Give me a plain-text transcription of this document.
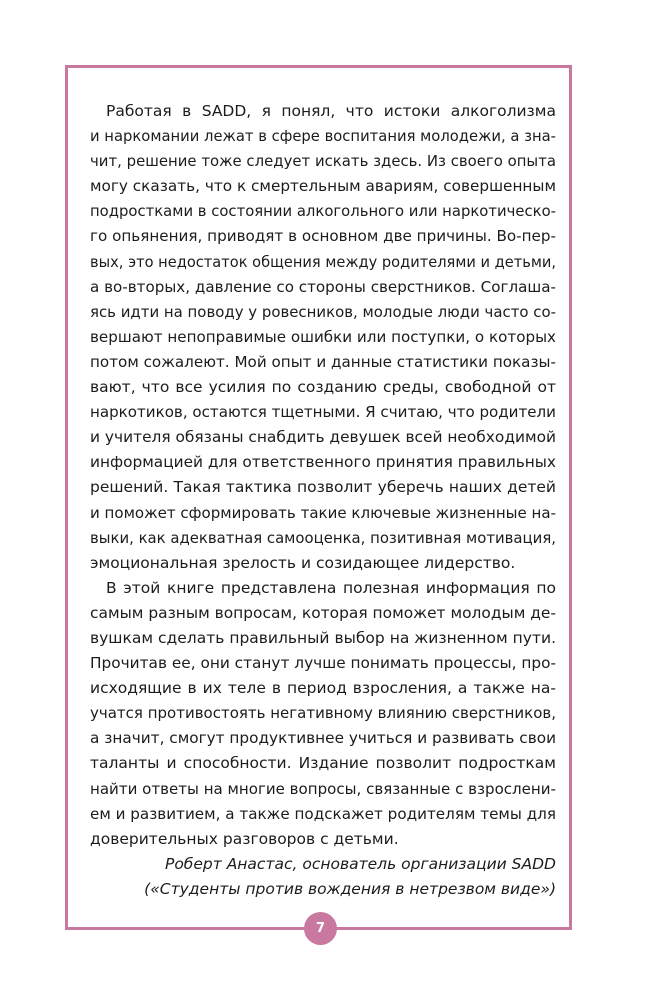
Работая в SADD, я понял, что истоки алкоголизма
и наркомании лежат в сфере воспитания молодежи, а зна-
чит, решение тоже следует искать здесь. Из своего опыта
могу сказать, что к смертельным авариям, совершенным
подростками в состоянии алкогольного или наркотическо-
го опьянения, приводят в основном две причины. Во-пер-
вых, это недостаток общения между родителями и детьми,
а во-вторых, давление со стороны сверстников. Соглаша-
ясь идти на поводу у ровесников, молодые люди часто со-
вершают непоправимые ошибки или поступки, о которых
потом сожалеют. Мой опыт и данные статистики показы-
вают, что все усилия по созданию среды, свободной от
наркотиков, остаются тщетными. Я считаю, что родители
и учителя обязаны снабдить девушек всей необходимой
информацией для ответственного принятия правильных
решений. Такая тактика позволит уберечь наших детей
и поможет сформировать такие ключевые жизненные на-
выки, как адекватная самооценка, позитивная мотивация,
эмоциональная зрелость и созидающее лидерство.
В этой книге представлена полезная информация по
самым разным вопросам, которая поможет молодым де-
вушкам сделать правильный выбор на жизненном пути.
Прочитав ее, они станут лучше понимать процессы, про-
исходящие в их теле в период взросления, а также на-
учатся противостоять негативному влиянию сверстников,
а значит, смогут продуктивнее учиться и развивать свои
таланты и способности. Издание позволит подросткам
найти ответы на многие вопросы, связанные с взрослени-
ем и развитием, а также подскажет родителям темы для
доверительных разговоров с детьми.
Роберт Анастас, основатель организации SADD
(«Студенты против вождения в нетрезвом виде»)
7
